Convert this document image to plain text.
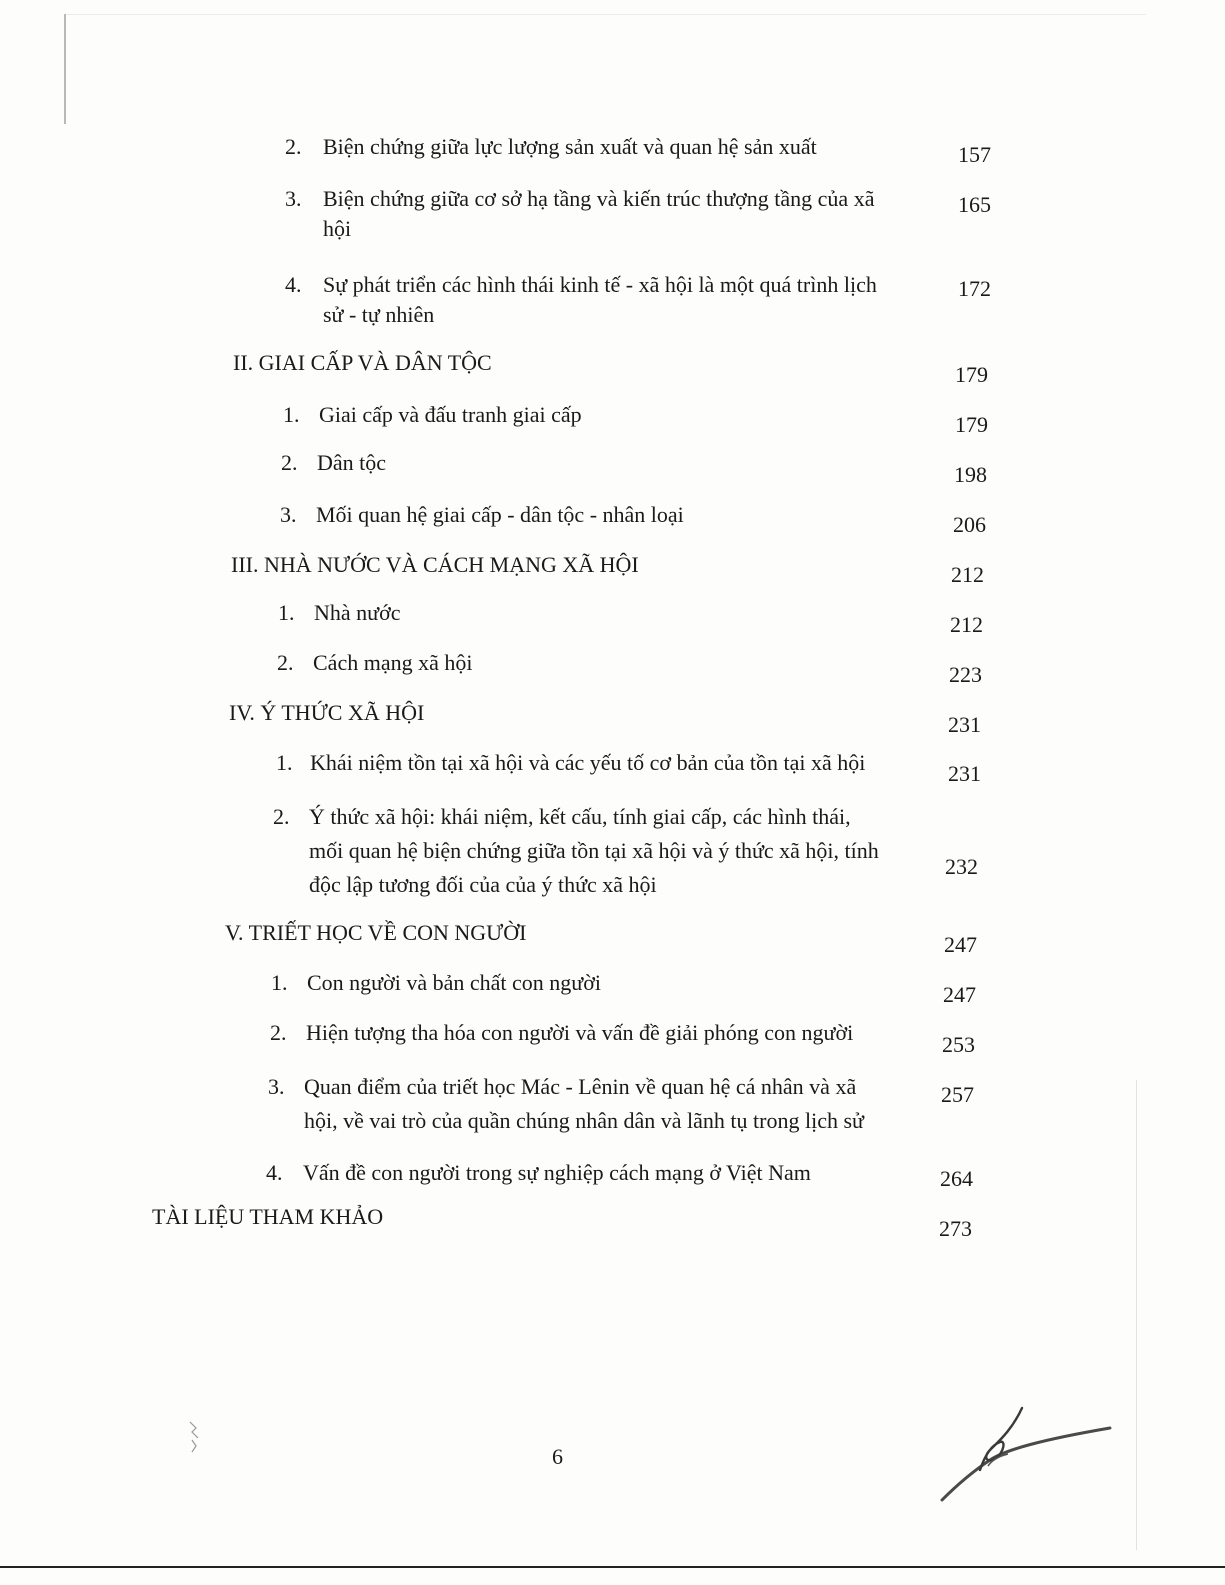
2. Biện chứng giữa lực lượng sản xuất và quan hệ sản xuất	157
3. Biện chứng giữa cơ sở hạ tầng và kiến trúc thượng tầng của xã
hội
165
4. Sự phát triển các hình thái kinh tế - xã hội là một quá trình lịch
sử - tự nhiên
172
II. GIAI CẤP VÀ DÂN TỘC	179
1. Giai cấp và đấu tranh giai cấp	179
2. Dân tộc	198
3. Mối quan hệ giai cấp - dân tộc - nhân loại	206
III. NHÀ NƯỚC VÀ CÁCH MẠNG XÃ HỘI	212
1. Nhà nước	212
2. Cách mạng xã hội	223
IV. Ý THỨC XÃ HỘI	231
1. Khái niệm tồn tại xã hội và các yếu tố cơ bản của tồn tại xã hội	231
2. Ý thức xã hội: khái niệm, kết cấu, tính giai cấp, các hình thái,
mối quan hệ biện chứng giữa tồn tại xã hội và ý thức xã hội, tính
độc lập tương đối của của ý thức xã hội
232
V. TRIẾT HỌC VỀ CON NGƯỜI	247
1. Con người và bản chất con người	247
2. Hiện tượng tha hóa con người và vấn đề giải phóng con người	253
3. Quan điểm của triết học Mác - Lênin về quan hệ cá nhân và xã
hội, về vai trò của quần chúng nhân dân và lãnh tụ trong lịch sử
257
4. Vấn đề con người trong sự nghiệp cách mạng ở Việt Nam	264
TÀI LIỆU THAM KHẢO	273
6
